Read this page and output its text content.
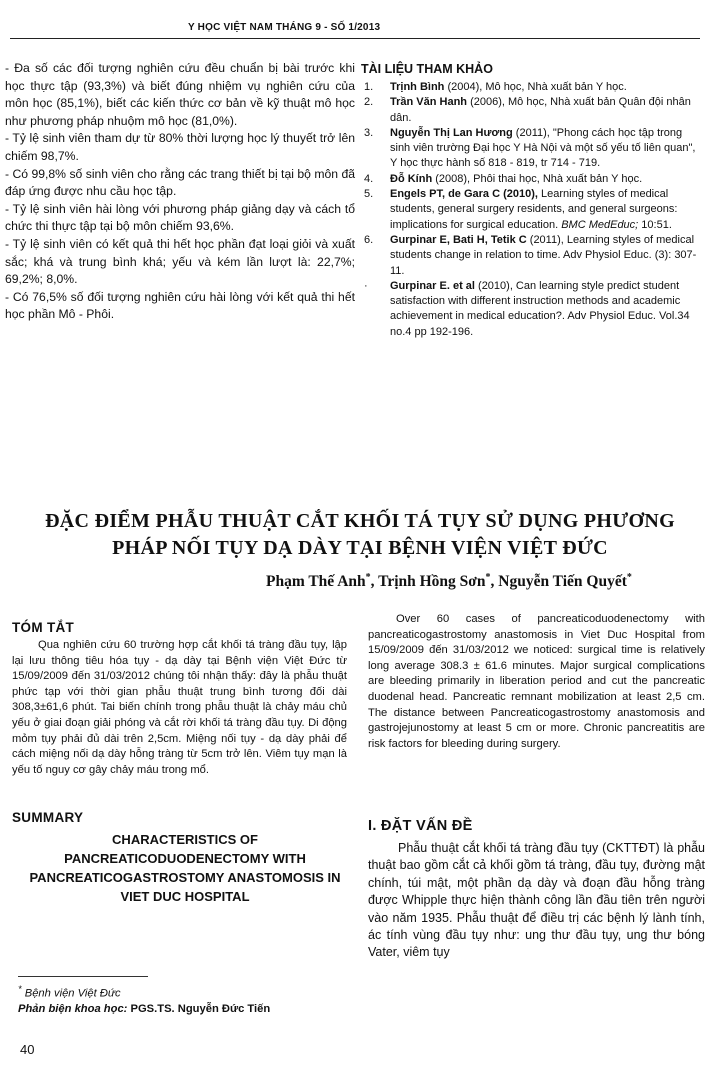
Y HỌC VIỆT NAM THÁNG 9 - SỐ 1/2013

- Đa số các đối tượng nghiên cứu đều chuẩn bị bài trước khi học thực tập (93,3%) và biết đúng nhiệm vụ nghiên cứu của môn học (85,1%), biết các kiến thức cơ bản về kỹ thuật mô học như phương pháp nhuộm mô học (81,0%).

- Tỷ lệ sinh viên tham dự từ 80% thời lượng học lý thuyết trở lên chiếm 98,7%.

- Có 99,8% số sinh viên cho rằng các trang thiết bị tại bộ môn đã đáp ứng được nhu cầu học tập.

- Tỷ lệ sinh viên hài lòng với phương pháp giảng dạy và cách tổ chức thi thực tập tại bộ môn chiếm 93,6%.

- Tỷ lệ sinh viên có kết quả thi hết học phần đạt loại giỏi và xuất sắc; khá và trung bình khá; yếu và kém lần lượt là: 22,7%; 69,2%; 8,0%.

- Có 76,5% số đối tượng nghiên cứu hài lòng với kết quả thi hết học phần Mô - Phôi.

TÀI LIỆU THAM KHẢO
1. Trịnh Bình (2004), Mô học, Nhà xuất bản Y học.
2. Trần Văn Hanh (2006), Mô học, Nhà xuất bản Quân đội nhân dân.
3. Nguyễn Thị Lan Hương (2011), "Phong cách học tập trong sinh viên trường Đại học Y Hà Nội và một số yếu tố liên quan", Y học thực hành số 818 - 819, tr 714 - 719.
4. Đỗ Kính (2008), Phôi thai học, Nhà xuất bản Y học.
5. Engels PT, de Gara C (2010), Learning styles of medical students, general surgery residents, and general surgeons: implications for surgical education. BMC MedEduc; 10:51.
6. Gurpinar E, Bati H, Tetik C (2011), Learning styles of medical students change in relation to time. Adv Physiol Educ. (3): 307-11.
· Gurpinar E. et al (2010), Can learning style predict student satisfaction with different instruction methods and academic achievement in medical education?. Adv Physiol Educ. Vol.34 no.4 pp 192-196.
ĐẶC ĐIỂM PHẪU THUẬT CẮT KHỐI TÁ TỤY SỬ DỤNG PHƯƠNG PHÁP NỐI TỤY DẠ DÀY TẠI BỆNH VIỆN VIỆT ĐỨC
Phạm Thế Anh*, Trịnh Hồng Sơn*, Nguyễn Tiến Quyết*
TÓM TẮT

Qua nghiên cứu 60 trường hợp cắt khối tá tràng đầu tụy, lập lại lưu thông tiêu hóa tụy - dạ dày tại Bệnh viện Việt Đức từ 15/09/2009 đến 31/03/2012 chúng tôi nhận thấy: đây là phẫu thuật phức tạp với thời gian phẫu thuật trung bình tương đối dài 308,3±61,6 phút. Tai biến chính trong phẫu thuật là chảy máu chủ yếu ở giai đoạn giải phóng và cắt rời khối tá tràng đầu tụy. Di động mỏm tụy phải đủ dài trên 2,5cm. Miệng nối tụy - dạ dày phải để cách miệng nối dạ dày hỗng tràng từ 5cm trở lên. Viêm tụy mạn là yếu tố nguy cơ gây chảy máu trong mổ.

SUMMARY
CHARACTERISTICS OF PANCREATICODUODENECTOMY WITH PANCREATICOGASTROSTOMY ANASTOMOSIS IN VIET DUC HOSPITAL

Over 60 cases of pancreaticoduodenectomy with pancreaticogastrostomy anastomosis in Viet Duc Hospital from 15/09/2009 đến 31/03/2012 we noticed: surgical time is relatively long average 308.3 ± 61.6 minutes. Major surgical complications are bleeding primarily in liberation period and cut the pancreatic duodenal head. Pancreatic remnant mobilization at least 2,5 cm. The distance between Pancreaticogastrostomy anastomosis and gastrojejunostomy at least 5 cm or more. Chronic pancreatitis are risk factors for bleeding during surgery.

I. ĐẶT VẤN ĐỀ

Phẫu thuật cắt khối tá tràng đầu tụy (CKTTĐT) là phẫu thuật bao gồm cắt cả khối gồm tá tràng, đầu tụy, đường mật chính, túi mật, một phần dạ dày và đoạn đầu hỗng tràng được Whipple thực hiện thành công lần đầu tiên trên người vào năm 1935. Phẫu thuật để điều trị các bệnh lý lành tính, ác tính vùng đầu tụy như: ung thư đầu tụy, ung thư bóng Vater, viêm tụy

* Bệnh viện Việt Đức
Phản biện khoa học: PGS.TS. Nguyễn Đức Tiến
40
